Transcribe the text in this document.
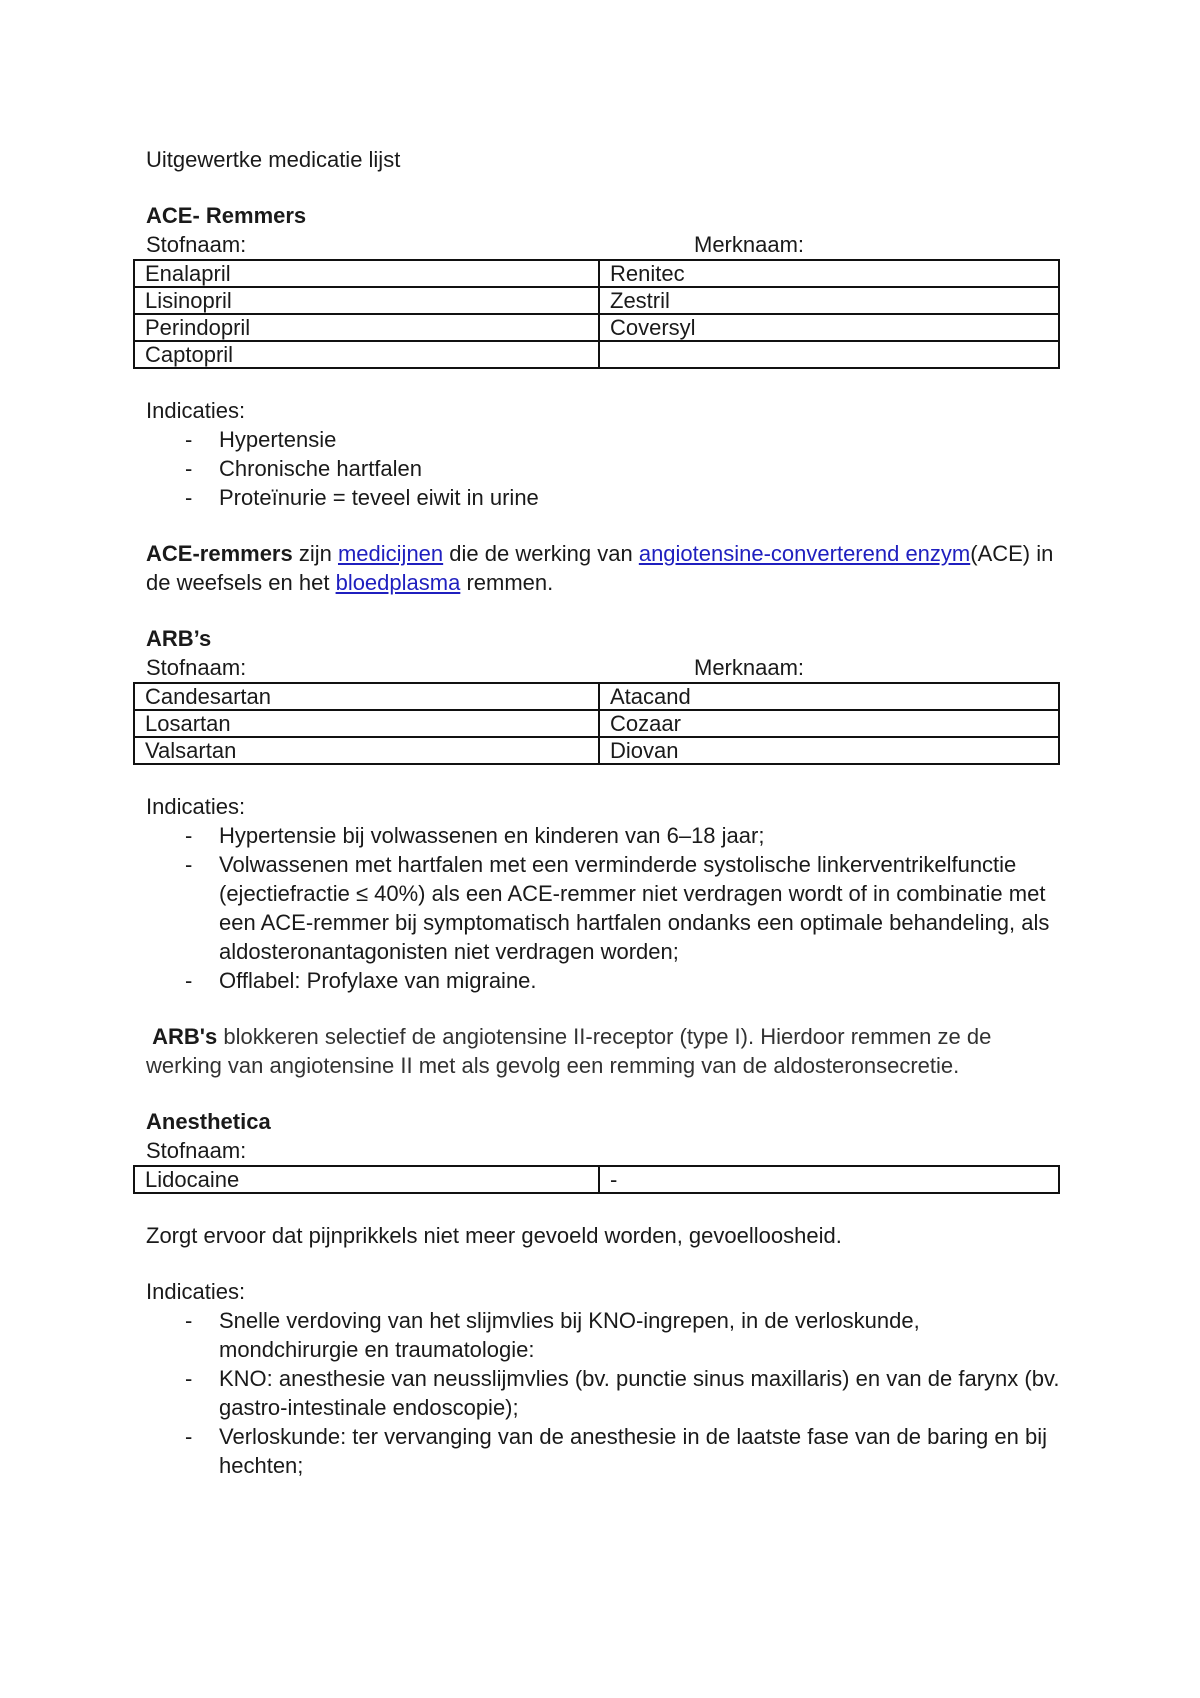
Uitgewertke medicatie lijst

ACE- Remmers

Stofnaam:	Merknaam:
Enalapril	Renitec
Lisinopril	Zestril
Perindopril	Coversyl
Captopril	

Indicaties:

- Hypertensie
- Chronische hartfalen
- Proteïnurie = teveel eiwit in urine

ACE-remmers zijn medicijnen die de werking van angiotensine-converterend enzym(ACE) in de weefsels en het bloedplasma remmen.

ARB’s

Stofnaam:	Merknaam:
Candesartan	Atacand
Losartan	Cozaar
Valsartan	Diovan

Indicaties:

- Hypertensie bij volwassenen en kinderen van 6–18 jaar;
- Volwassenen met hartfalen met een verminderde systolische linkerventrikelfunctie (ejectiefractie ≤ 40%) als een ACE-remmer niet verdragen wordt of in combinatie met een ACE-remmer bij symptomatisch hartfalen ondanks een optimale behandeling, als aldosteronantagonisten niet verdragen worden;
- Offlabel: Profylaxe van migraine.

ARB's blokkeren selectief de angiotensine II-receptor (type I). Hierdoor remmen ze de werking van angiotensine II met als gevolg een remming van de aldosteronsecretie.

Anesthetica

Stofnaam:
Lidocaine	-

Zorgt ervoor dat pijnprikkels niet meer gevoeld worden, gevoelloosheid.

Indicaties:

- Snelle verdoving van het slijmvlies bij KNO-ingrepen, in de verloskunde, mondchirurgie en traumatologie:
- KNO: anesthesie van neusslijmvlies (bv. punctie sinus maxillaris) en van de farynx (bv. gastro-intestinale endoscopie);
- Verloskunde: ter vervanging van de anesthesie in de laatste fase van de baring en bij hechten;
